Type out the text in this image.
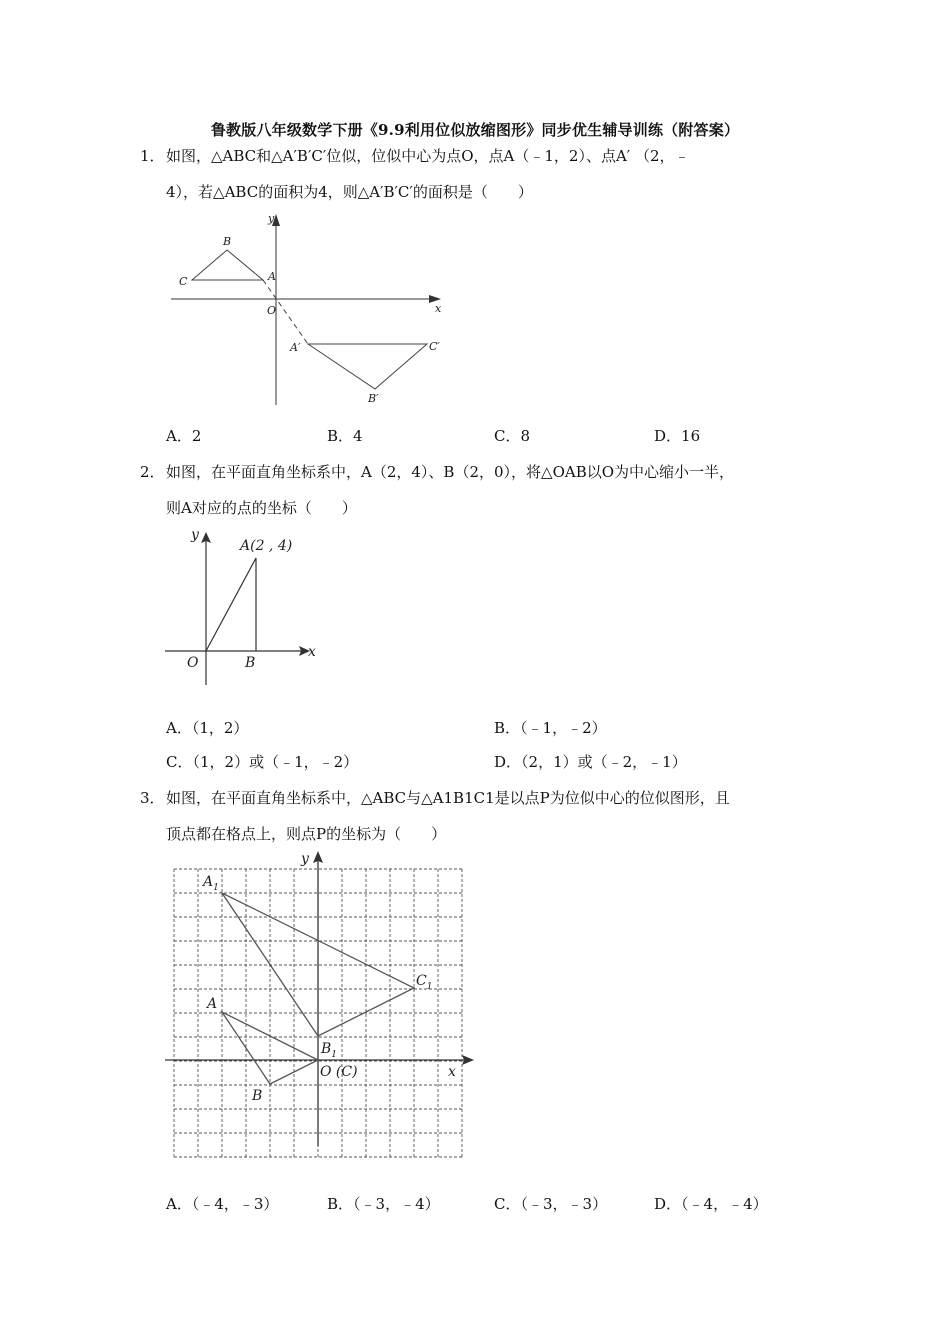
鲁教版八年级数学下册《9.9利用位似放缩图形》同步优生辅导训练（附答案）
1．如图，△ABC和△A′B′C′位似，位似中心为点O，点A（﹣1，2）、点A′ （2，﹣
4），若△ABC的面积为4，则△A′B′C′的面积是（　　）
y
x
O
B
C	A
A′	C′
B′
A．2	B．4	C．8	D．16
2．如图，在平面直角坐标系中，A（2，4）、B（2，0），将△OAB以O为中心缩小一半，
则A对应的点的坐标（　　）
y
x
O	B
A(2 , 4)
A．（1，2）	B．（﹣1，﹣2）
C．（1，2）或（﹣1，﹣2）	D．（2，1）或（﹣2，﹣1）
3．如图，在平面直角坐标系中，△ABC与△A1B1C1是以点P为位似中心的位似图形，且
顶点都在格点上，则点P的坐标为（　　）
y
x
$A_1$
$B_1$
$C_1$
A
B
O (C)
A．（﹣4，﹣3）	B．（﹣3，﹣4）	C．（﹣3，﹣3）	D．（﹣4，﹣4）
